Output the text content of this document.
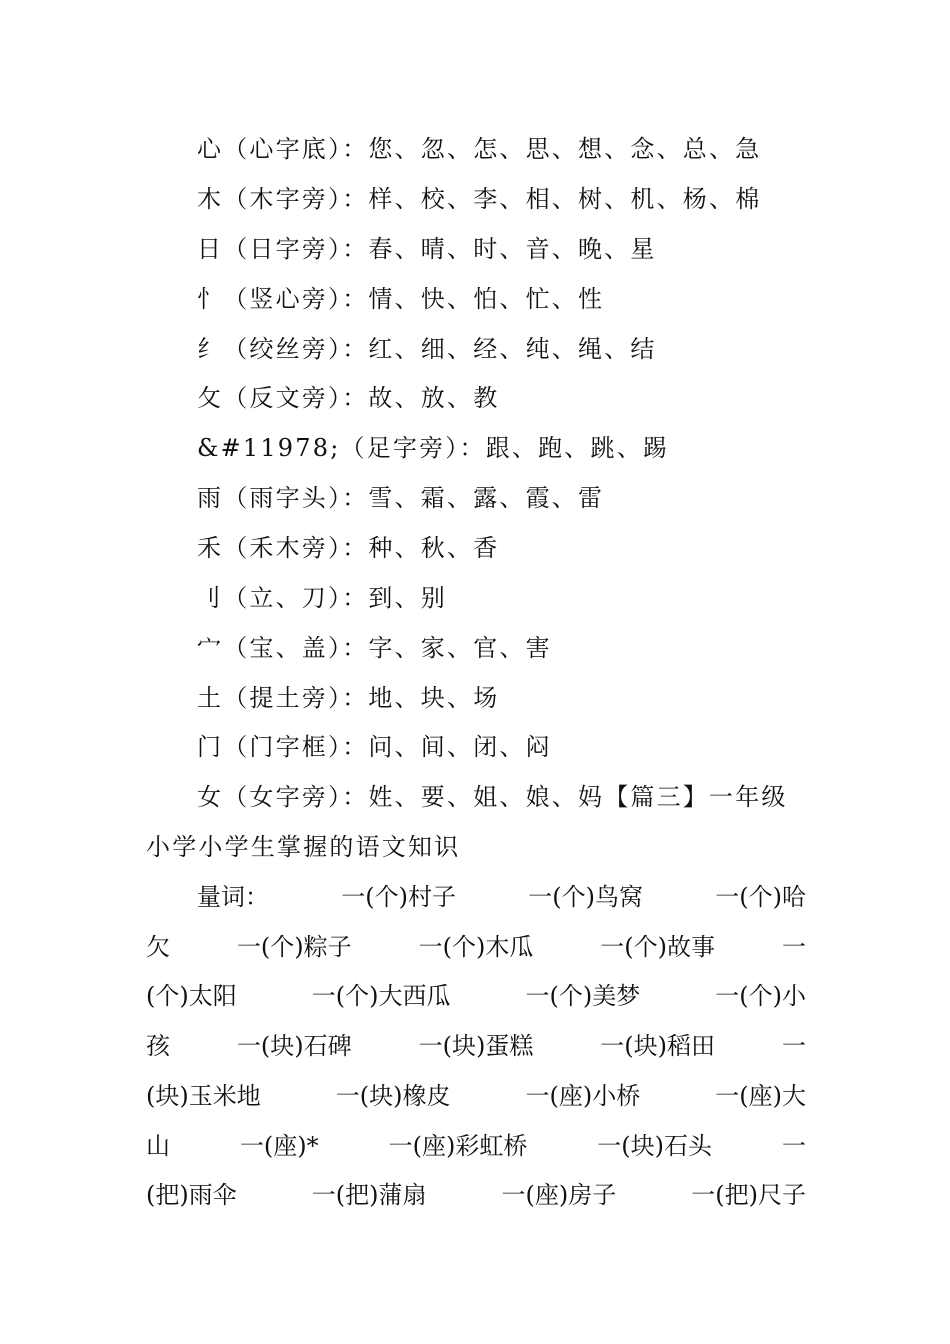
心（心字底）：您、忽、怎、思、想、念、总、急
木（木字旁）：样、校、李、相、树、机、杨、棉
日（日字旁）：春、晴、时、音、晚、星
忄（竖心旁）：情、快、怕、忙、性
纟（绞丝旁）：红、细、经、纯、绳、结
攵（反文旁）：故、放、教
&#11978;（足字旁）：跟、跑、跳、踢
雨（雨字头）：雪、霜、露、霞、雷
禾（禾木旁）：种、秋、香
刂（立、刀）：到、别
宀（宝、盖）：字、家、官、害
土（提土旁）：地、块、场
门（门字框）：问、间、闭、闷
女（女字旁）：姓、要、姐、娘、妈【篇三】一年级
小学小学生掌握的语文知识
量词：	一(个)村子	一(个)鸟窝	一(个)哈
欠	一(个)粽子	一(个)木瓜	一(个)故事	一
(个)太阳	一(个)大西瓜	一(个)美梦	一(个)小
孩	一(块)石碑	一(块)蛋糕	一(块)稻田	一
(块)玉米地	一(块)橡皮	一(座)小桥	一(座)大
山	一(座)*	一(座)彩虹桥	一(块)石头	一
(把)雨伞	一(把)蒲扇	一(座)房子	一(把)尺子
